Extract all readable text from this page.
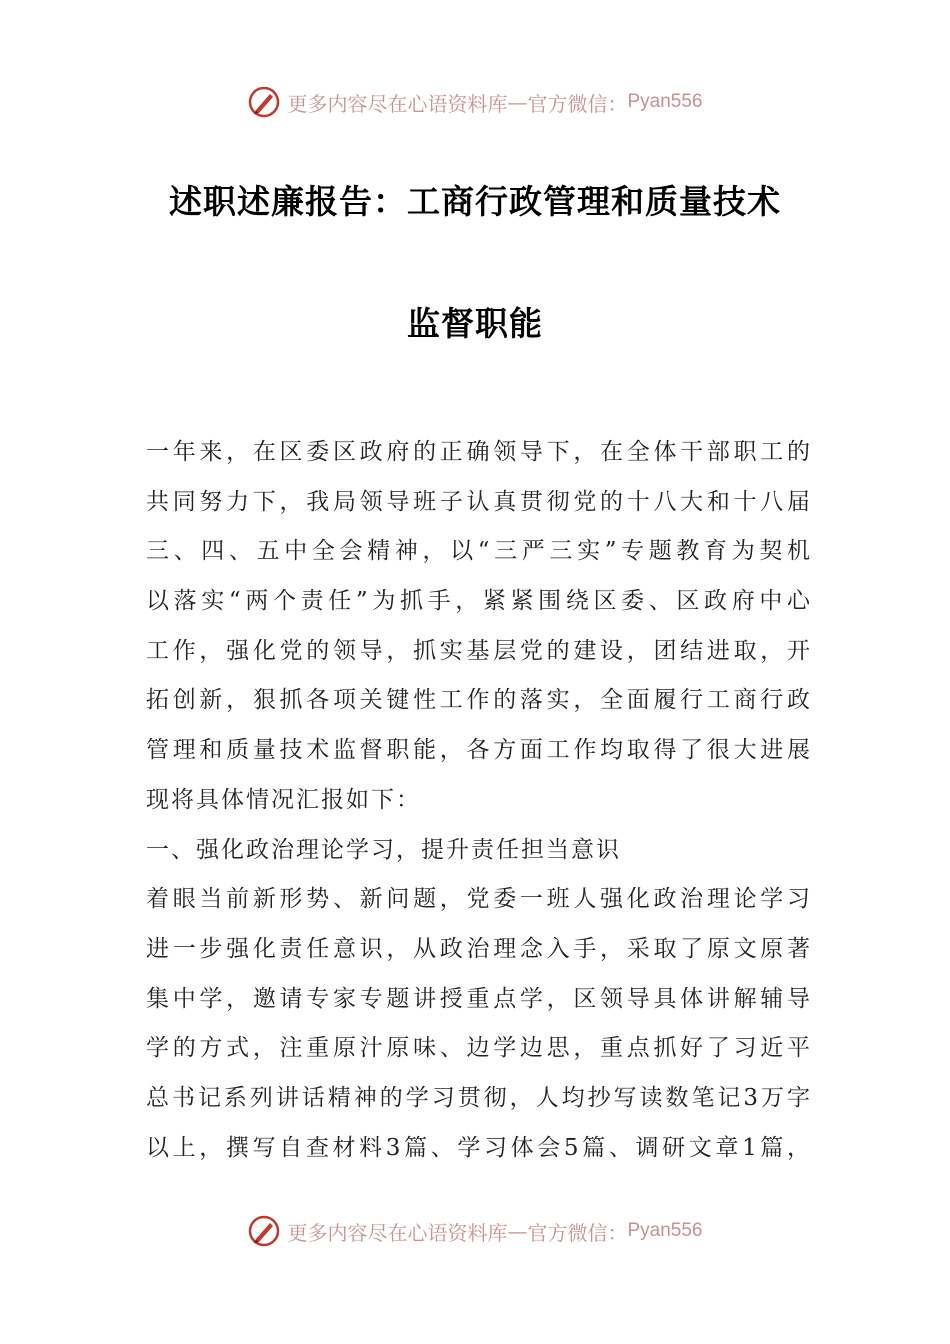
更多内容尽在心语资料库 — 官方微信： Pyan556
述职述廉报告：工商行政管理和质量技术
监督职能
一年来，在区委区政府的正确领导下，在全体干部职工的
共同努力下，我局领导班子认真贯彻党的十八大和十八届
三、四、五中全会精神，以“三严三实”专题教育为契机
以落实“两个责任”为抓手，紧紧围绕区委、区政府中心
工作，强化党的领导，抓实基层党的建设，团结进取，开
拓创新，狠抓各项关键性工作的落实，全面履行工商行政
管理和质量技术监督职能，各方面工作均取得了很大进展
现将具体情况汇报如下：
一、强化政治理论学习，提升责任担当意识
着眼当前新形势、新问题，党委一班人强化政治理论学习
进一步强化责任意识，从政治理念入手，采取了原文原著
集中学，邀请专家专题讲授重点学，区领导具体讲解辅导
学的方式，注重原汁原味、边学边思，重点抓好了习近平
总书记系列讲话精神的学习贯彻，人均抄写读数笔记3万字
以上，撰写自查材料3篇、学习体会5篇、调研文章1篇，
更多内容尽在心语资料库 — 官方微信： Pyan556
